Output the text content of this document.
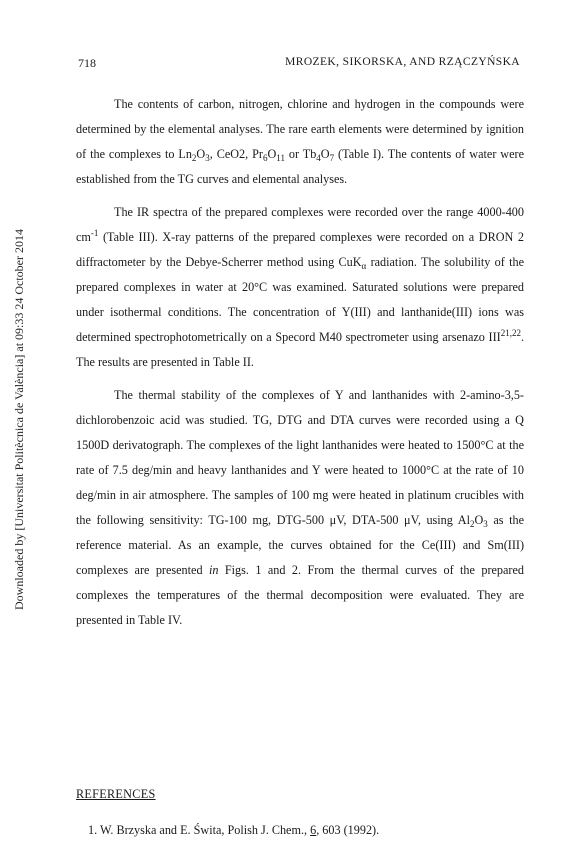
718	MROZEK, SIKORSKA, AND RZĄCZYŃSKA
Downloaded by [Universitat Politècnica de València] at 09:33 24 October 2014

The contents of carbon, nitrogen, chlorine and hydrogen in the compounds were determined by the elemental analyses. The rare earth elements were determined by ignition of the complexes to $Ln_2O_3$, CeO2, $Pr_6O_{11}$ or $Tb_4O_7$ (Table I). The contents of water were established from the TG curves and elemental analyses.

The IR spectra of the prepared complexes were recorded over the range 4000-400 $cm^{-1}$ (Table III). X-ray patterns of the prepared complexes were recorded on a DRON 2 diffractometer by the Debye-Scherrer method using CuK$_\alpha$ radiation. The solubility of the prepared complexes in water at 20°C was examined. Saturated solutions were prepared under isothermal conditions. The concentration of Y(III) and lanthanide(III) ions was determined spectrophotometrically on a Specord M40 spectrometer using arsenazo III$^{21,22}$. The results are presented in Table II.

The thermal stability of the complexes of Y and lanthanides with 2-amino-3,5-dichlorobenzoic acid was studied. TG, DTG and DTA curves were recorded using a Q 1500D derivatograph. The complexes of the light lanthanides were heated to 1500°C at the rate of 7.5 deg/min and heavy lanthanides and Y were heated to 1000°C at the rate of 10 deg/min in air atmosphere. The samples of 100 mg were heated in platinum crucibles with the following sensitivity: TG-100 mg, DTG-500 μV, DTA-500 μV, using $Al_2O_3$ as the reference material. As an example, the curves obtained for the Ce(III) and Sm(III) complexes are presented in Figs. 1 and 2. From the thermal curves of the prepared complexes the temperatures of the thermal decomposition were evaluated. They are presented in Table IV.

REFERENCES
1. W. Brzyska and E. Świta, Polish J. Chem., 6, 603 (1992).
